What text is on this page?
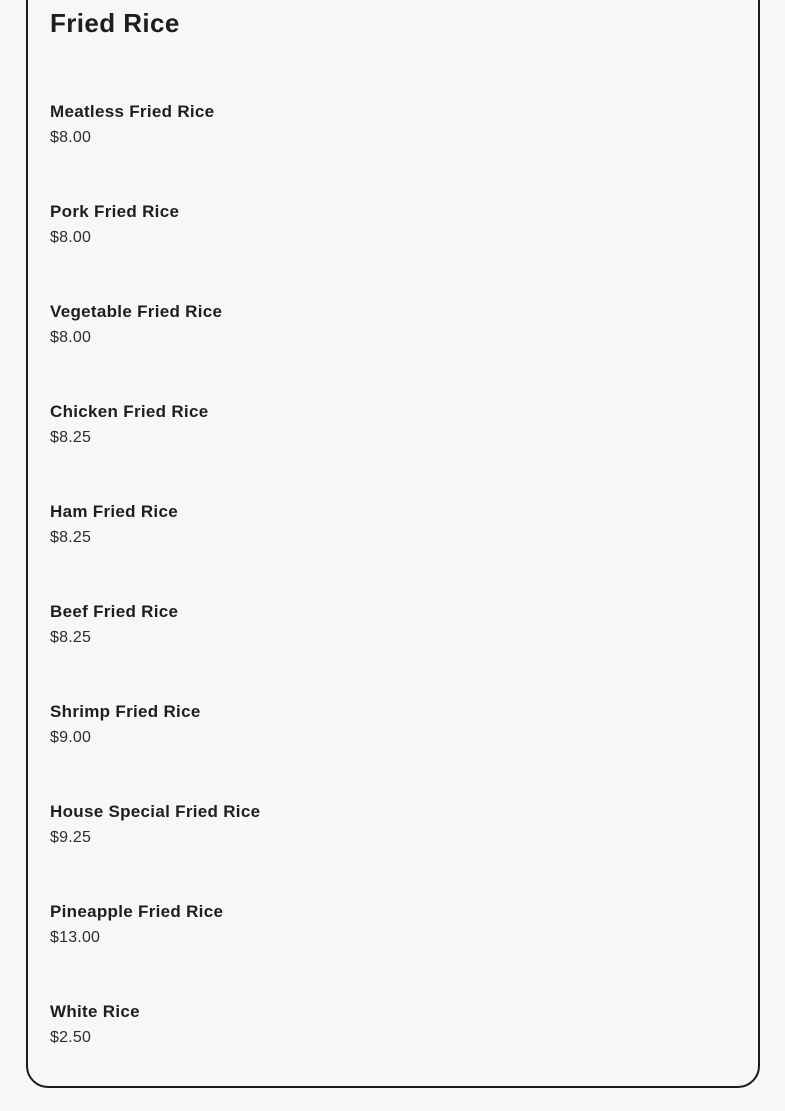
Fried Rice
Meatless Fried Rice
$8.00
Pork Fried Rice
$8.00
Vegetable Fried Rice
$8.00
Chicken Fried Rice
$8.25
Ham Fried Rice
$8.25
Beef Fried Rice
$8.25
Shrimp Fried Rice
$9.00
House Special Fried Rice
$9.25
Pineapple Fried Rice
$13.00
White Rice
$2.50
